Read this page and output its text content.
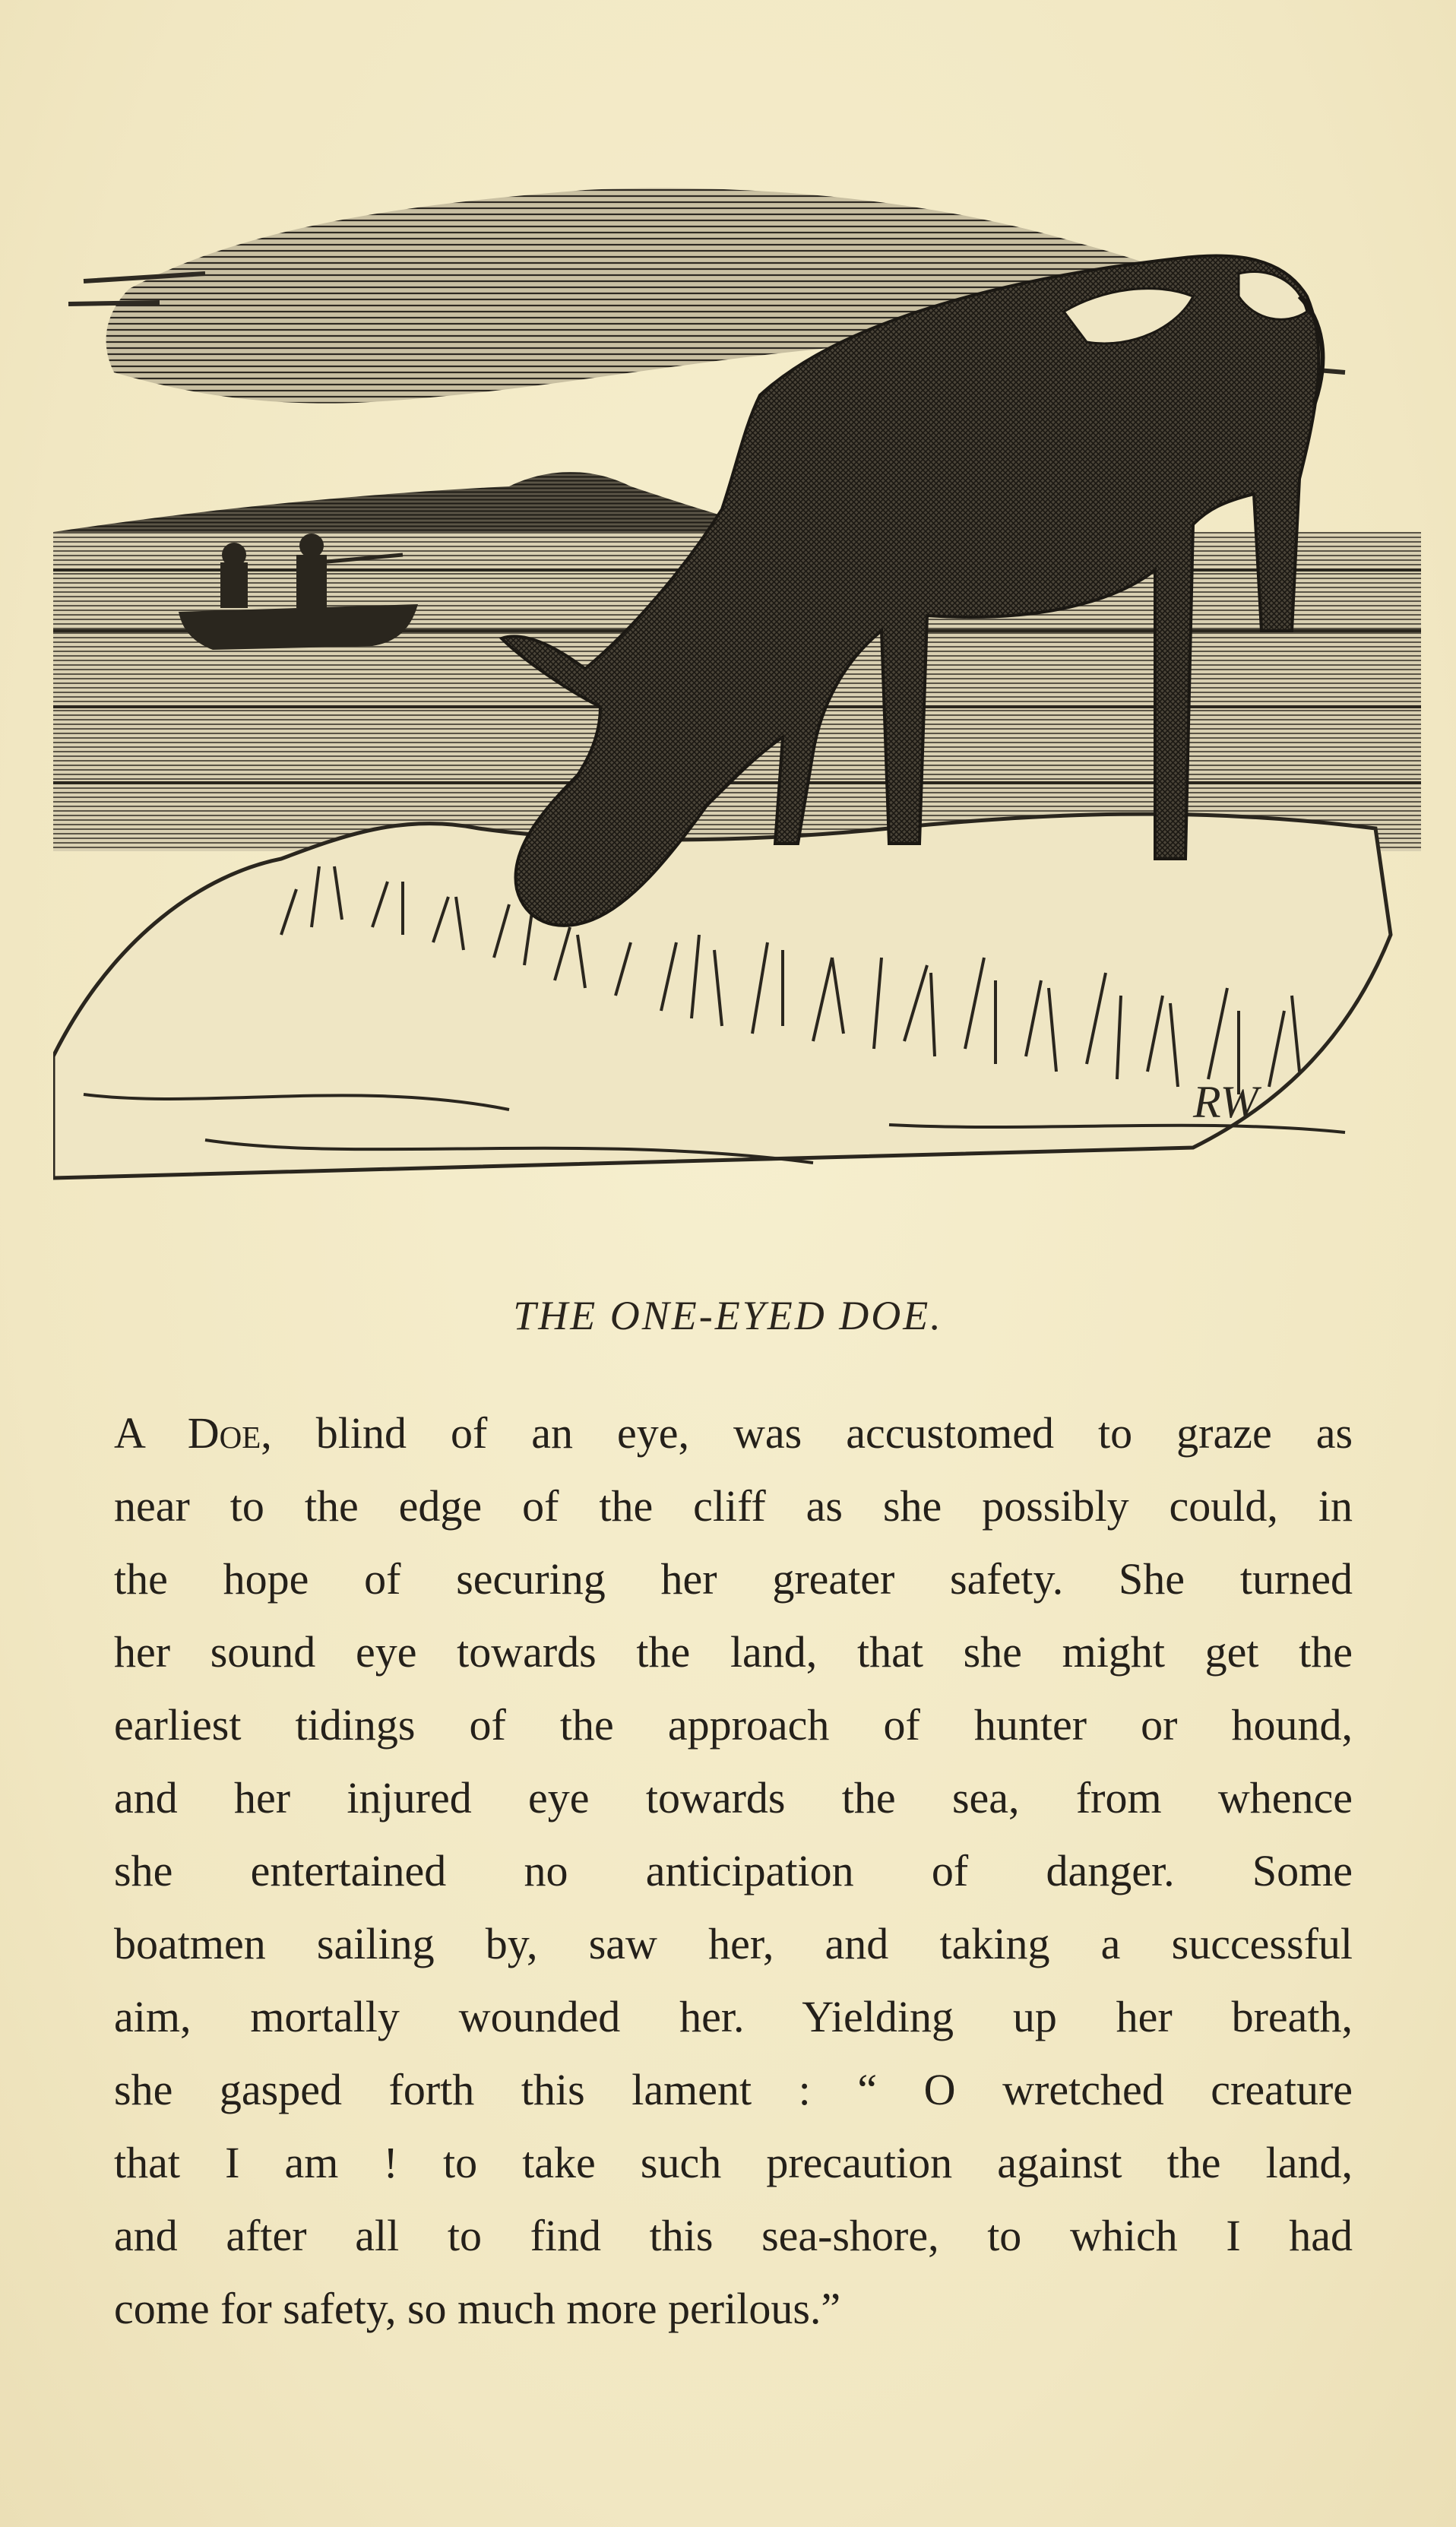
RW
THE ONE-EYED DOE.
A Doe, blind of an eye, was accustomed to graze as
near to the edge of the cliff as she possibly could, in
the hope of securing her greater safety. She turned
her sound eye towards the land, that she might get the
earliest tidings of the approach of hunter or hound,
and her injured eye towards the sea, from whence
she entertained no anticipation of danger. Some
boatmen sailing by, saw her, and taking a successful
aim, mortally wounded her. Yielding up her breath,
she gasped forth this lament : “ O wretched creature
that I am ! to take such precaution against the land,
and after all to find this sea-shore, to which I had
come for safety, so much more perilous.”
